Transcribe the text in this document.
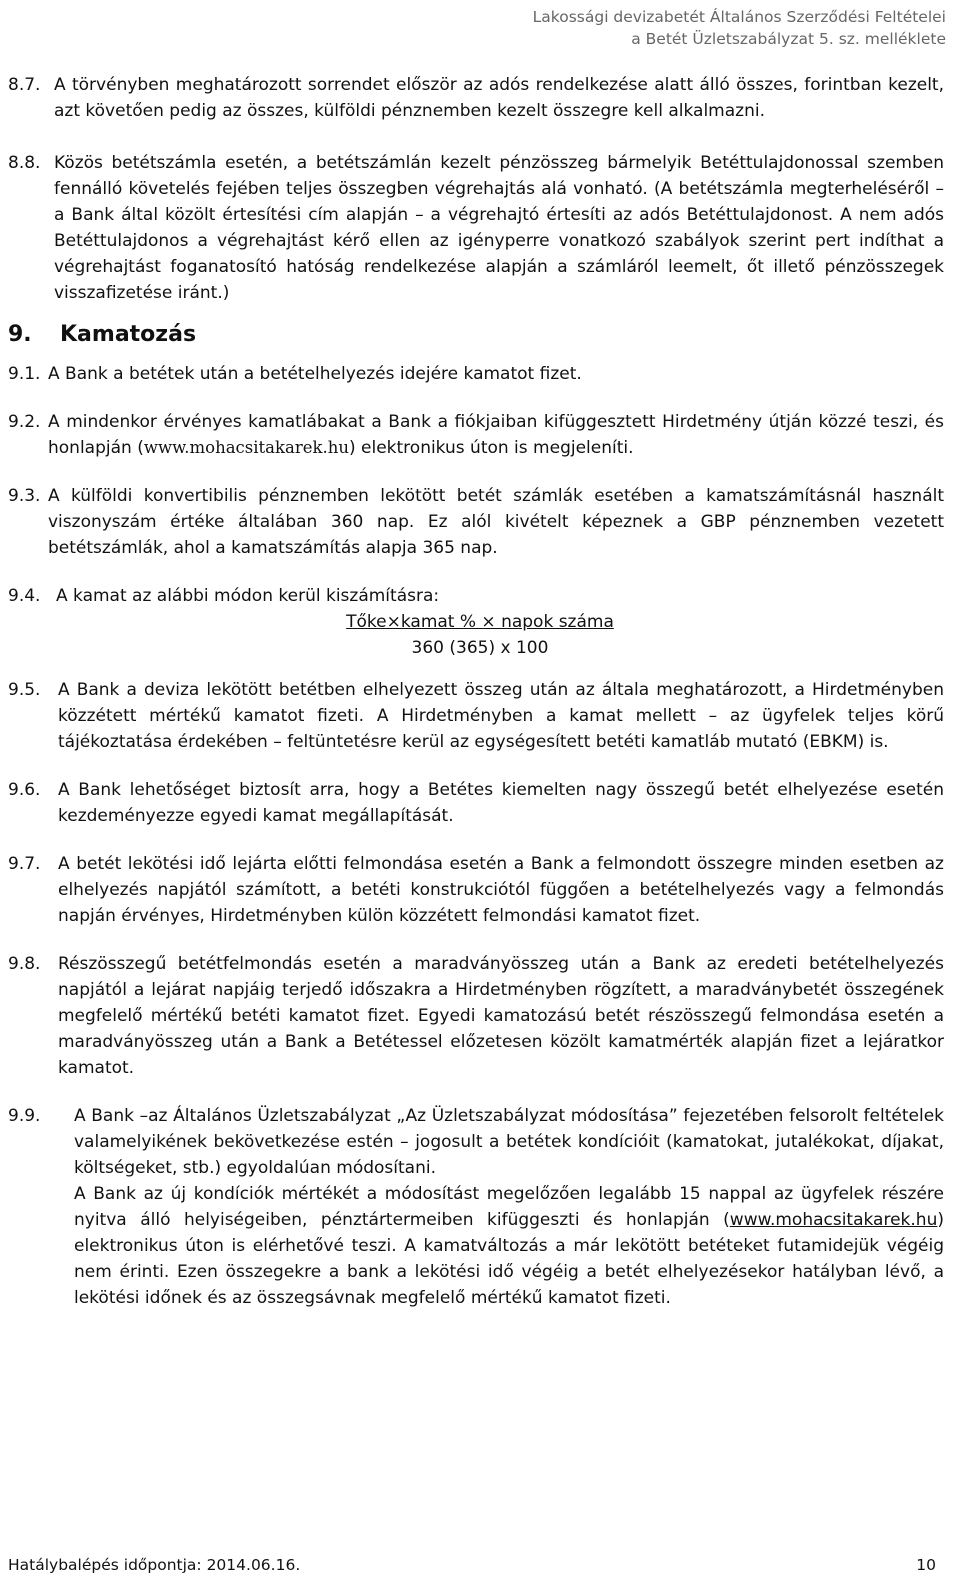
Lakossági devizabetét Általános Szerződési Feltételei
a Betét Üzletszabályzat 5. sz. melléklete
8.7. A törvényben meghatározott sorrendet először az adós rendelkezése alatt álló összes, forintban kezelt, azt követően pedig az összes, külföldi pénznemben kezelt összegre kell alkalmazni.
8.8. Közös betétszámla esetén, a betétszámlán kezelt pénzösszeg bármelyik Betéttulajdonossal szemben fennálló követelés fejében teljes összegben végrehajtás alá vonható. (A betétszámla megterheléséről – a Bank által közölt értesítési cím alapján – a végrehajtó értesíti az adós Betéttulajdonost. A nem adós Betéttulajdonos a végrehajtást kérő ellen az igényperre vonatkozó szabályok szerint pert indíthat a végrehajtást foganatosító hatóság rendelkezése alapján a számláról leemelt, őt illető pénzösszegek visszafizetése iránt.)
9. Kamatozás
9.1. A Bank a betétek után a betételhelyezés idejére kamatot fizet.
9.2. A mindenkor érvényes kamatlábakat a Bank a fiókjaiban kifüggesztett Hirdetmény útján közzé teszi, és honlapján (www.mohacsitakarek.hu) elektronikus úton is megjeleníti.
9.3. A külföldi konvertibilis pénznemben lekötött betét számlák esetében a kamatszámításnál használt viszonyszám értéke általában 360 nap. Ez alól kivételt képeznek a GBP pénznemben vezetett betétszámlák, ahol a kamatszámítás alapja 365 nap.
9.4. A kamat az alábbi módon kerül kiszámításra:
Tőke×kamat % × napok száma
360 (365) x 100
9.5.	A Bank a deviza lekötött betétben elhelyezett összeg után az általa meghatározott, a Hirdetményben közzétett mértékű kamatot fizeti. A Hirdetményben a kamat mellett – az ügyfelek teljes körű tájékoztatása érdekében – feltüntetésre kerül az egységesített betéti kamatláb mutató (EBKM) is.
9.6.	A Bank lehetőséget biztosít arra, hogy a Betétes kiemelten nagy összegű betét elhelyezése esetén kezdeményezze egyedi kamat megállapítását.
9.7.	A betét lekötési idő lejárta előtti felmondása esetén a Bank a felmondott összegre minden esetben az elhelyezés napjától számított, a betéti konstrukciótól függően a betételhelyezés vagy a felmondás napján érvényes, Hirdetményben külön közzétett felmondási kamatot fizet.
9.8.	Részösszegű betétfelmondás esetén a maradványösszeg után a Bank az eredeti betételhelyezés napjától a lejárat napjáig terjedő időszakra a Hirdetményben rögzített, a maradványbetét összegének megfelelő mértékű betéti kamatot fizet. Egyedi kamatozású betét részösszegű felmondása esetén a maradványösszeg után a Bank a Betétessel előzetesen közölt kamatmérték alapján fizet a lejáratkor kamatot.
9.9.	A Bank –az Általános Üzletszabályzat „Az Üzletszabályzat módosítása” fejezetében felsorolt feltételek valamelyikének bekövetkezése estén – jogosult a betétek kondícióit (kamatokat, jutalékokat, díjakat, költségeket, stb.) egyoldalúan módosítani.
A Bank az új kondíciók mértékét a módosítást megelőzően legalább 15 nappal az ügyfelek részére nyitva álló helyiségeiben, pénztártermeiben kifüggeszti és honlapján (www.mohacsitakarek.hu) elektronikus úton is elérhetővé teszi. A kamatváltozás a már lekötött betéteket futamidejük végéig nem érinti. Ezen összegekre a bank a lekötési idő végéig a betét elhelyezésekor hatályban lévő, a lekötési időnek és az összegsávnak megfelelő mértékű kamatot fizeti.
Hatálybalépés időpontja: 2014.06.16.	10
